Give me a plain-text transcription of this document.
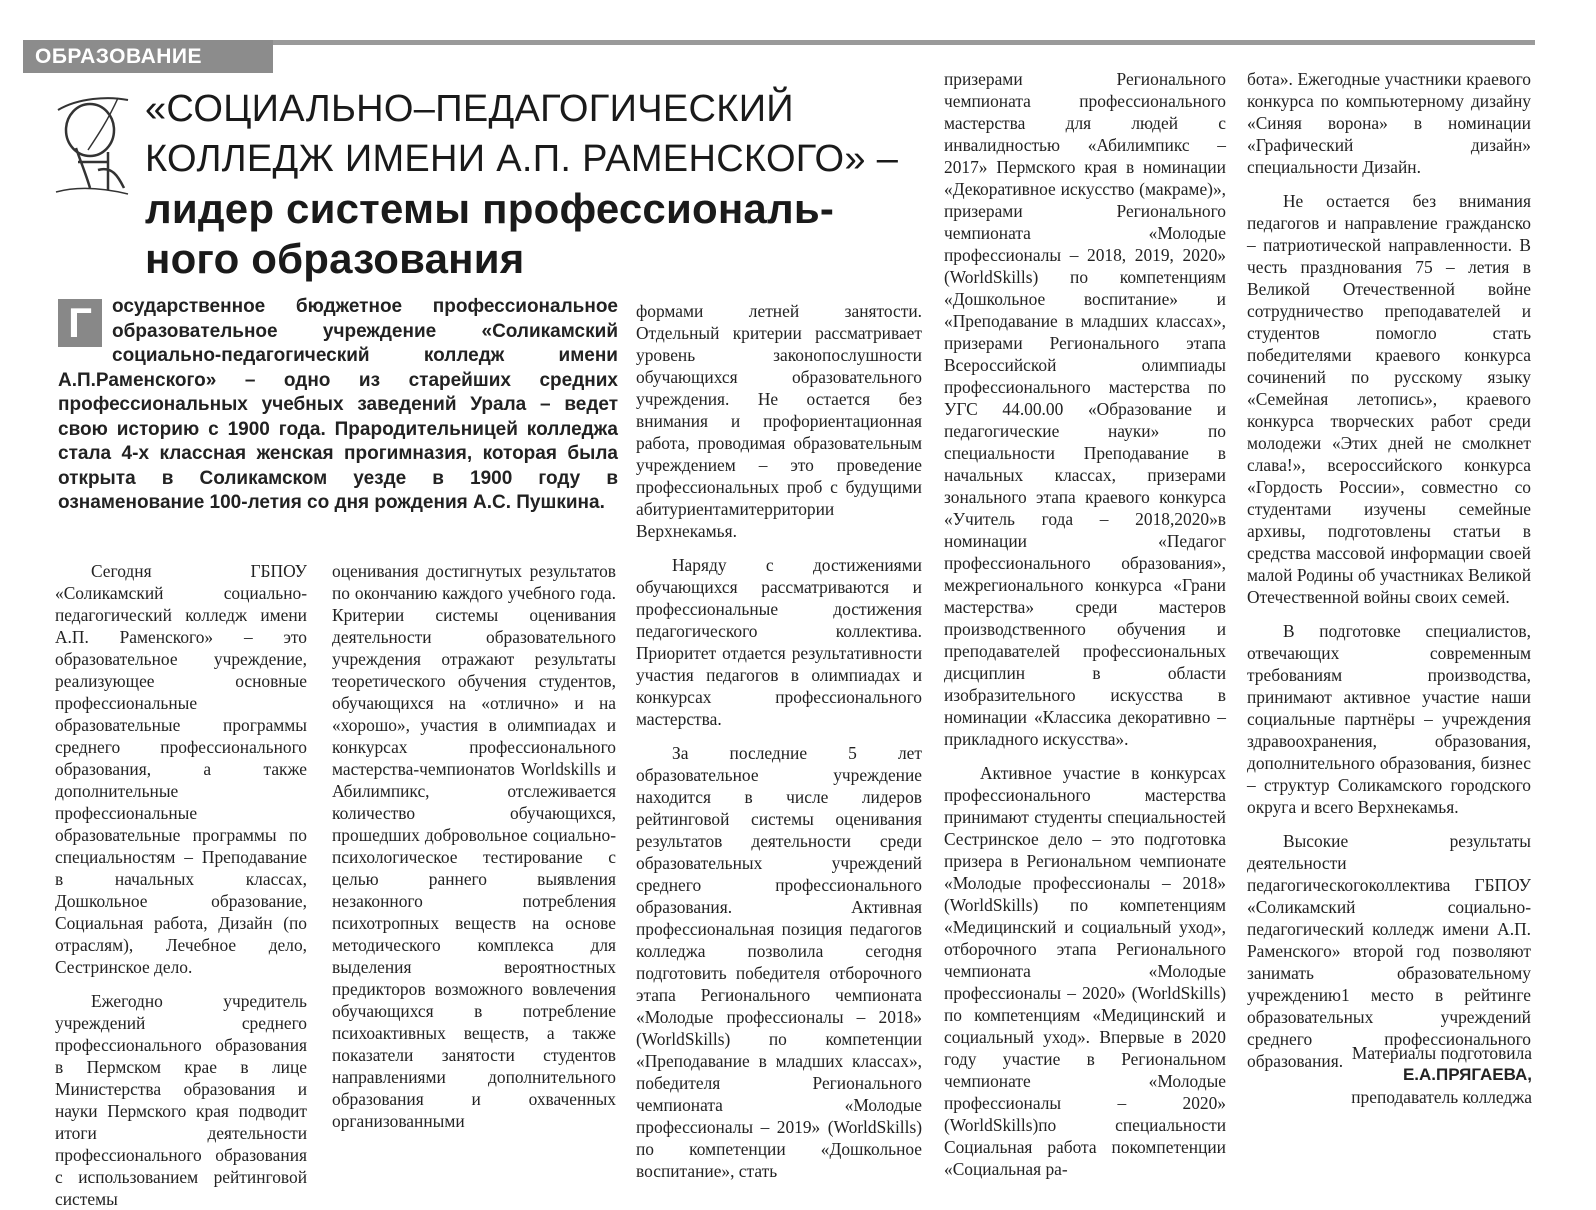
ОБРАЗОВАНИЕ
«СОЦИАЛЬНО–ПЕДАГОГИЧЕСКИЙ
КОЛЛЕДЖ ИМЕНИ А.П. РАМЕНСКОГО» –
лидер системы профессиональ-
ного образования
Г	осударственное бюджетное профессиональное образовательное учреждение «Соликамский социально-педагогический колледж имени А.П.Раменского» – одно из старейших средних профессиональных учебных заведений Урала – ведет свою историю с 1900 года. Прародительницей колледжа стала 4-х классная женская прогимназия, которая была открыта в Соликамском уезде в 1900 году в ознаменование 100-летия со дня рождения А.С. Пушкина.

Сегодня ГБПОУ «Соликамский социально-педагогический колледж имени А.П. Раменского» – это образовательное учреждение, реализующее основные профессиональные образовательные программы среднего профессионального образования, а также дополнительные профессиональные образовательные программы по специальностям – Преподавание в начальных классах, Дошкольное образование, Социальная работа, Дизайн (по отраслям), Лечебное дело, Сестринское дело.

Ежегодно учредитель учреждений среднего профессионального образования в Пермском крае в лице Министерства образования и науки Пермского края подводит итоги деятельности профессионального образования с использованием рейтинговой системы

оценивания достигнутых результатов по окончанию каждого учебного года. Критерии системы оценивания деятельности образовательного учреждения отражают результаты теоретического обучения студентов, обучающихся на «отлично» и на «хорошо», участия в олимпиадах и конкурсах профессионального мастерства-чемпионатов Worldskills и Абилимпикс, отслеживается количество обучающихся, прошедших добровольное социально-психологическое тестирование с целью раннего выявления незаконного потребления психотропных веществ на основе методического комплекса для выделения вероятностных предикторов возможного вовлечения обучающихся в потребление психоактивных веществ, а также показатели занятости студентов направлениями дополнительного образования и охваченных организованными

формами летней занятости. Отдельный критерии рассматривает уровень законопослушности обучающихся образовательного учреждения. Не остается без внимания и профориентационная работа, проводимая образовательным учреждением – это проведение профессиональных проб с будущими абитуриентамитерритории Верхнекамья.

Наряду с достижениями обучающихся рассматриваются и профессиональные достижения педагогического коллектива. Приоритет отдается результативности участия педагогов в олимпиадах и конкурсах профессионального мастерства.

За последние 5 лет образовательное учреждение находится в числе лидеров рейтинговой системы оценивания результатов деятельности среди образовательных учреждений среднего профессионального образования. Активная профессиональная позиция педагогов колледжа позволила сегодня подготовить победителя отборочного этапа Регионального чемпионата «Молодые профессионалы – 2018» (WorldSkills) по компетенции «Преподавание в младших классах», победителя Регионального чемпионата «Молодые профессионалы – 2019» (WorldSkills) по компетенции «Дошкольное воспитание», стать

призерами Регионального чемпионата профессионального мастерства для людей с инвалидностью «Абилимпикс – 2017» Пермского края в номинации «Декоративное искусство (макраме)», призерами Регионального чемпионата «Молодые профессионалы – 2018, 2019, 2020» (WorldSkills) по компетенциям «Дошкольное воспитание» и «Преподавание в младших классах», призерами Регионального этапа Всероссийской олимпиады профессионального мастерства по УГС 44.00.00 «Образование и педагогические науки» по специальности Преподавание в начальных классах, призерами зонального этапа краевого конкурса «Учитель года – 2018,2020»в номинации «Педагог профессионального образования», межрегионального конкурса «Грани мастерства» среди мастеров производственного обучения и преподавателей профессиональных дисциплин в области изобразительного искусства в номинации «Классика декоративно – прикладного искусства».

Активное участие в конкурсах профессионального мастерства принимают студенты специальностей Сестринское дело – это подготовка призера в Региональном чемпионате «Молодые профессионалы – 2018» (WorldSkills) по компетенциям «Медицинский и социальный уход», отборочного этапа Регионального чемпионата «Молодые профессионалы – 2020» (WorldSkills) по компетенциям «Медицинский и социальный уход». Впервые в 2020 году участие в Региональном чемпионате «Молодые профессионалы – 2020» (WorldSkills)по специальности Социальная работа покомпетенции «Социальная ра-

бота». Ежегодные участники краевого конкурса по компьютерному дизайну «Синяя ворона» в номинации «Графический дизайн» специальности Дизайн.

Не остается без внимания педагогов и направление гражданско – патриотической направленности. В честь празднования 75 – летия в Великой Отечественной войне сотрудничество преподавателей и студентов помогло стать победителями краевого конкурса сочинений по русскому языку «Семейная летопись», краевого конкурса творческих работ среди молодежи «Этих дней не смолкнет слава!», всероссийского конкурса «Гордость России», совместно со студентами изучены семейные архивы, подготовлены статьи в средства массовой информации своей малой Родины об участниках Великой Отечественной войны своих семей.

В подготовке специалистов, отвечающих современным требованиям производства, принимают активное участие наши социальные партнёры – учреждения здравоохранения, образования, дополнительного образования, бизнес – структур Соликамского городского округа и всего Верхнекамья.

Высокие результаты деятельности педагогическогоколлектива ГБПОУ «Соликамский социально-педагогический колледж имени А.П. Раменского» второй год позволяют занимать образовательному учреждению1 место в рейтинге образовательных учреждений среднего профессионального образования. Материалы подготовила
Е.А.ПРЯГАЕВА,
преподаватель колледжа
